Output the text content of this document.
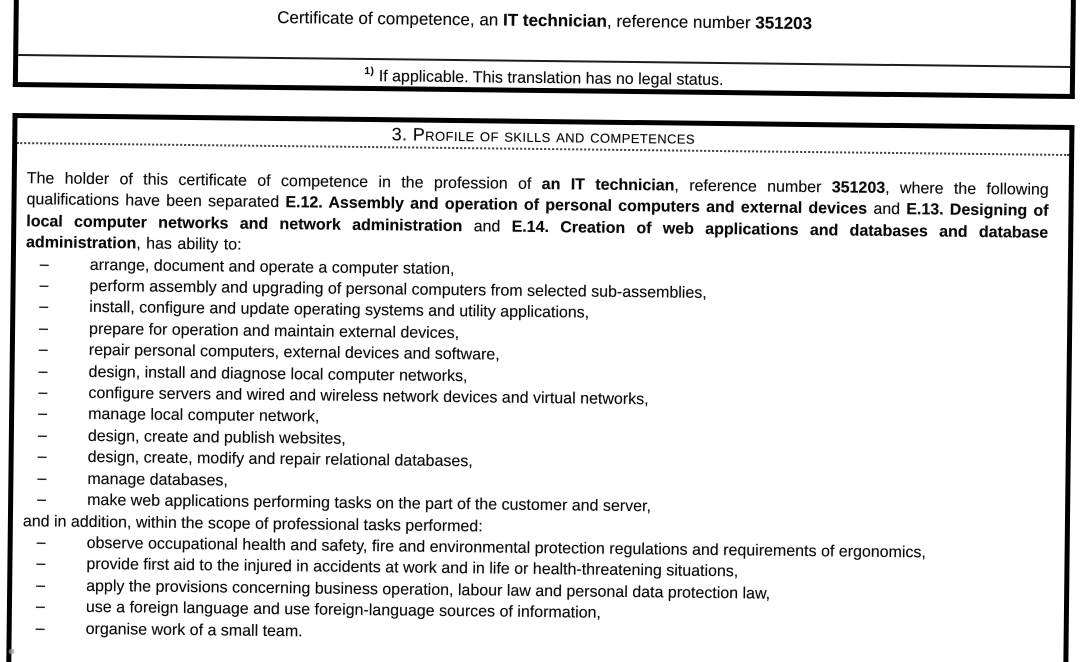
Certificate of competence, an IT technician, reference number 351203
$^{1)}$ If applicable. This translation has no legal status.
3. Profile of skills and competences

The holder of this certificate of competence in the profession of an IT technician, reference number 351203, where the following qualifications have been separated E.12. Assembly and operation of personal computers and external devices and E.13. Designing of local computer networks and network administration and E.14. Creation of web applications and databases and database administration, has ability to:

–	arrange, document and operate a computer station,
–	perform assembly and upgrading of personal computers from selected sub-assemblies,
–	install, configure and update operating systems and utility applications,
–	prepare for operation and maintain external devices,
–	repair personal computers, external devices and software,
–	design, install and diagnose local computer networks,
–	configure servers and wired and wireless network devices and virtual networks,
–	manage local computer network,
–	design, create and publish websites,
–	design, create, modify and repair relational databases,
–	manage databases,
–	make web applications performing tasks on the part of the customer and server,

and in addition, within the scope of professional tasks performed:

–	observe occupational health and safety, fire and environmental protection regulations and requirements of ergonomics,
–	provide first aid to the injured in accidents at work and in life or health-threatening situations,
–	apply the provisions concerning business operation, labour law and personal data protection law,
–	use a foreign language and use foreign-language sources of information,
–	organise work of a small team.
